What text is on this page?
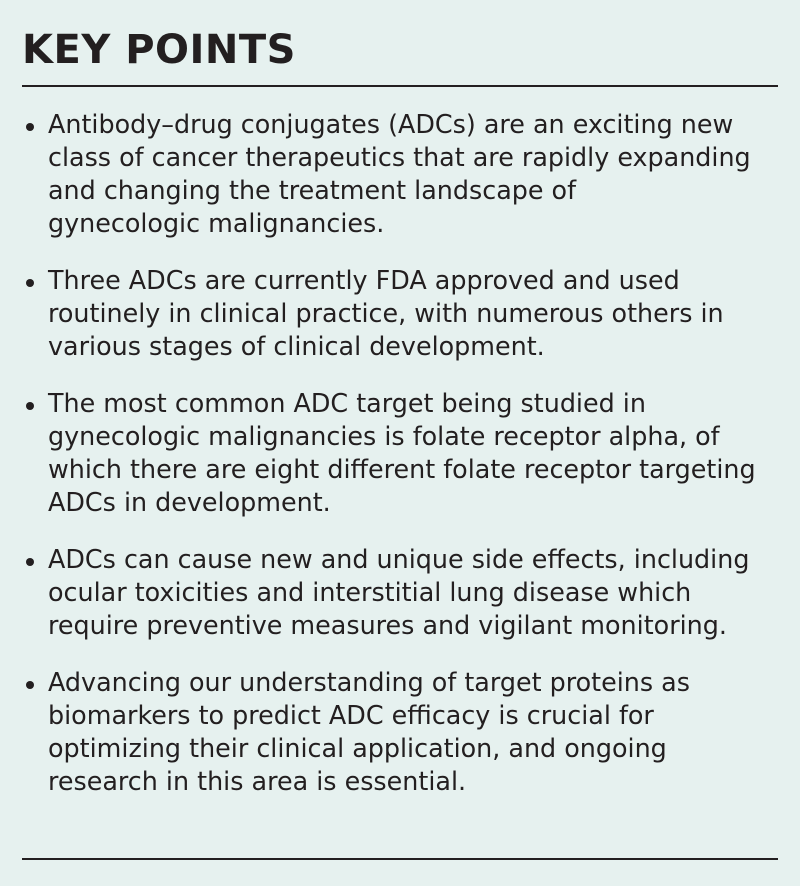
KEY POINTS
Antibody–drug conjugates (ADCs) are an exciting new
class of cancer therapeutics that are rapidly expanding
and changing the treatment landscape of
gynecologic malignancies.
Three ADCs are currently FDA approved and used
routinely in clinical practice, with numerous others in
various stages of clinical development.
The most common ADC target being studied in
gynecologic malignancies is folate receptor alpha, of
which there are eight different folate receptor targeting
ADCs in development.
ADCs can cause new and unique side effects, including
ocular toxicities and interstitial lung disease which
require preventive measures and vigilant monitoring.
Advancing our understanding of target proteins as
biomarkers to predict ADC efficacy is crucial for
optimizing their clinical application, and ongoing
research in this area is essential.
